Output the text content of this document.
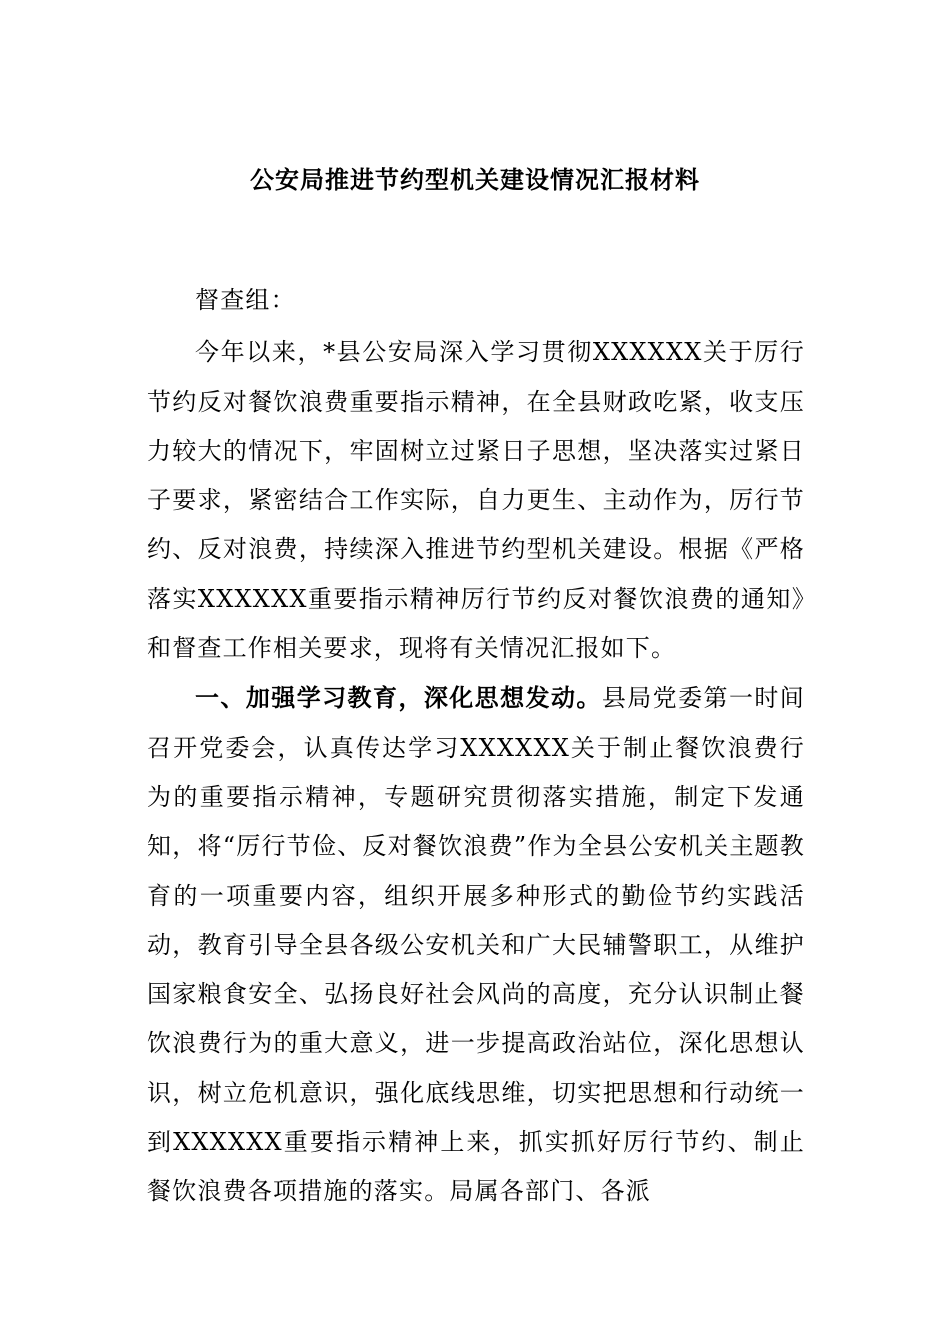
公安局推进节约型机关建设情况汇报材料

督查组：

今年以来，*县公安局深入学习贯彻XXXXXX关于厉行节约反对餐饮浪费重要指示精神，在全县财政吃紧，收支压力较大的情况下，牢固树立过紧日子思想，坚决落实过紧日子要求，紧密结合工作实际，自力更生、主动作为，厉行节约、反对浪费，持续深入推进节约型机关建设。根据《严格落实XXXXXX重要指示精神厉行节约反对餐饮浪费的通知》和督查工作相关要求，现将有关情况汇报如下。

一、加强学习教育，深化思想发动。县局党委第一时间召开党委会，认真传达学习XXXXXX关于制止餐饮浪费行为的重要指示精神，专题研究贯彻落实措施，制定下发通知，将“厉行节俭、反对餐饮浪费”作为全县公安机关主题教育的一项重要内容，组织开展多种形式的勤俭节约实践活动，教育引导全县各级公安机关和广大民辅警职工，从维护国家粮食安全、弘扬良好社会风尚的高度，充分认识制止餐饮浪费行为的重大意义，进一步提高政治站位，深化思想认识，树立危机意识，强化底线思维，切实把思想和行动统一到XXXXXX重要指示精神上来，抓实抓好厉行节约、制止餐饮浪费各项措施的落实。局属各部门、各派
